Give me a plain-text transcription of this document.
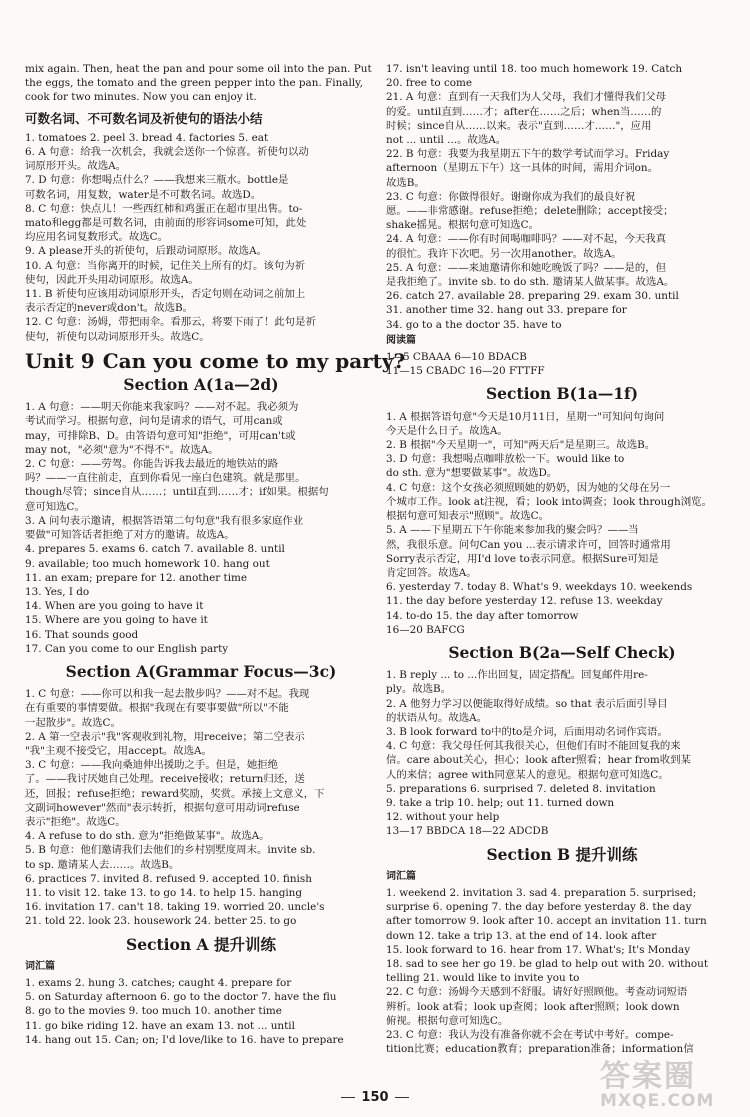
mix again. Then, heat the pan and pour some oil into the pan. Put

the eggs, the tomato and the green pepper into the pan. Finally,

cook for two minutes. Now you can enjoy it.

可数名词、不可数名词及祈使句的语法小结

1. tomatoes 2. peel 3. bread 4. factories 5. eat

6. A 句意：给我一次机会，我就会送你一个惊喜。祈使句以动

词原形开头。故选A。

7. D 句意：你想喝点什么？——我想来三瓶水。bottle是

可数名词，用复数，water是不可数名词。故选D。

8. C 句意：快点儿！一些西红柿和鸡蛋正在超市里出售。to-

mato和egg都是可数名词，由前面的形容词some可知，此处

均应用名词复数形式。故选C。

9. A please开头的祈使句，后跟动词原形。故选A。

10. A 句意：当你离开的时候，记住关上所有的灯。该句为祈

使句，因此开头用动词原形。故选A。

11. B 祈使句应该用动词原形开头，否定句则在动词之前加上

表示否定的never或don't。故选B。

12. C 句意：汤姆，带把雨伞。看那云，将要下雨了！此句是祈

使句，祈使句以动词原形开头。故选C。

Unit 9 Can you come to my party?
Section A(1a—2d)

1. A 句意：——明天你能来我家吗？——对不起。我必须为

考试而学习。根据句意，问句是请求的语气，可用can或

may，可排除B、D。由答语句意可知"拒绝"，可用can't或

may not，"必须"意为"不得不"。故选A。

2. C 句意：——劳驾。你能告诉我去最近的地铁站的路

吗？——一直往前走，直到你看见一座白色建筑。就是那里。

though尽管；since自从……；until直到……才；if如果。根据句

意可知选C。

3. A 问句表示邀请，根据答语第二句句意"我有很多家庭作业

要做"可知答话者拒绝了对方的邀请。故选A。

4. prepares 5. exams 6. catch 7. available 8. until

9. available; too much homework 10. hang out

11. an exam; prepare for 12. another time

13. Yes, I do

14. When are you going to have it

15. Where are you going to have it

16. That sounds good

17. Can you come to our English party

Section A(Grammar Focus—3c)

1. C 句意：——你可以和我一起去散步吗？——对不起。我现

在有重要的事情要做。根据"我现在有要事要做"所以"不能

一起散步"。故选C。

2. A 第一空表示"我"客观收到礼物，用receive；第二空表示

"我"主观不接受它，用accept。故选A。

3. C 句意：——我向桑迪伸出援助之手。但是，她拒绝

了。——我讨厌她自己处理。receive接收；return归还，送

还，回报；refuse拒绝；reward奖励，奖赏。承接上文意义，下

文副词however"然而"表示转折，根据句意可用动词refuse

表示"拒绝"。故选C。

4. A refuse to do sth. 意为"拒绝做某事"。故选A。

5. B 句意：他们邀请我们去他们的乡村别墅度周末。invite sb.

to sp. 邀请某人去……。故选B。

6. practices 7. invited 8. refused 9. accepted 10. finish

11. to visit 12. take 13. to go 14. to help 15. hanging

16. invitation 17. can't 18. taking 19. worried 20. uncle's

21. told 22. look 23. housework 24. better 25. to go

Section A 提升训练
词汇篇

1. exams 2. hung 3. catches; caught 4. prepare for

5. on Saturday afternoon 6. go to the doctor 7. have the flu

8. go to the movies 9. too much 10. another time

11. go bike riding 12. have an exam 13. not ... until

14. hang out 15. Can; on; I'd love/like to 16. have to prepare

17. isn't leaving until 18. too much homework 19. Catch

20. free to come

21. A 句意：直到有一天我们为人父母，我们才懂得我们父母

的爱。until直到……才；after在……之后；when当……的

时候；since自从……以来。表示"直到……才……"，应用

not ... until ...。故选A。

22. B 句意：我要为我星期五下午的数学考试而学习。Friday

afternoon（星期五下午）这一具体的时间，需用介词on。

故选B。

23. C 句意：你做得很好。谢谢你成为我们的最良好祝

愿。——非常感谢。refuse拒绝；delete删除；accept接受；

shake摇晃。根据句意可知选C。

24. A 句意：——你有时间喝咖啡吗？——对不起，今天我真

的很忙。我许下次吧。另一次用another。故选A。

25. A 句意：——来迪邀请你和她吃晚饭了吗？——是的，但

是我拒绝了。invite sb. to do sth. 邀请某人做某事。故选A。

26. catch 27. available 28. preparing 29. exam 30. until

31. another time 32. hang out 33. prepare for

34. go to a the doctor 35. have to

阅读篇

1—5 CBAAA 6—10 BDACB

11—15 CBADC 16—20 FTTFF

Section B(1a—1f)

1. A 根据答语句意"今天是10月11日，星期一"可知问句询问

今天是什么日子。故选A。

2. B 根据"今天星期一"，可知"两天后"是星期三。故选B。

3. D 句意：我想喝点咖啡放松一下。would like to

do sth. 意为"想要做某事"。故选D。

4. C 句意：这个女孩必须照顾她的奶奶，因为她的父母在另一

个城市工作。look at注视，看；look into调查；look through浏览。

根据句意可知表示"照顾"。故选C。

5. A ——下星期五下午你能来参加我的聚会吗？——当

然，我很乐意。问句Can you ...表示请求许可，回答时通常用

Sorry表示否定，用I'd love to表示同意。根据Sure可知是

肯定回答。故选A。

6. yesterday 7. today 8. What's 9. weekdays 10. weekends

11. the day before yesterday 12. refuse 13. weekday

14. to-do 15. the day after tomorrow

16—20 BAFCG

Section B(2a—Self Check)

1. B reply ... to ...作出回复，固定搭配。回复邮件用re-

ply。故选B。

2. A 他努力学习以便能取得好成绩。so that 表示后面引导目

的状语从句。故选A。

3. B look forward to中的to是介词，后面用动名词作宾语。

4. C 句意：我父母任何其我很关心，但他们有时不能回复我的来

信。care about关心，担心；look after照看；hear from收到某

人的来信；agree with同意某人的意见。根据句意可知选C。

5. preparations 6. surprised 7. deleted 8. invitation

9. take a trip 10. help; out 11. turned down

12. without your help

13—17 BBDCA 18—22 ADCDB

Section B 提升训练
词汇篇

1. weekend 2. invitation 3. sad 4. preparation 5. surprised;

surprise 6. opening 7. the day before yesterday 8. the day

after tomorrow 9. look after 10. accept an invitation 11. turn

down 12. take a trip 13. at the end of 14. look after

15. look forward to 16. hear from 17. What's; It's Monday

18. sad to see her go 19. be glad to help out with 20. without

telling 21. would like to invite you to

22. C 句意：汤姆今天感到不舒服。请好好照顾他。考查动词短语

辨析。look at看；look up查阅；look after照顾；look down

俯视。根据句意可知选C。

23. C 句意：我认为没有准备你就不会在考试中考好。compe-

tition比赛；education教育；preparation准备；information信

150
答案圈
MXQE.COM
